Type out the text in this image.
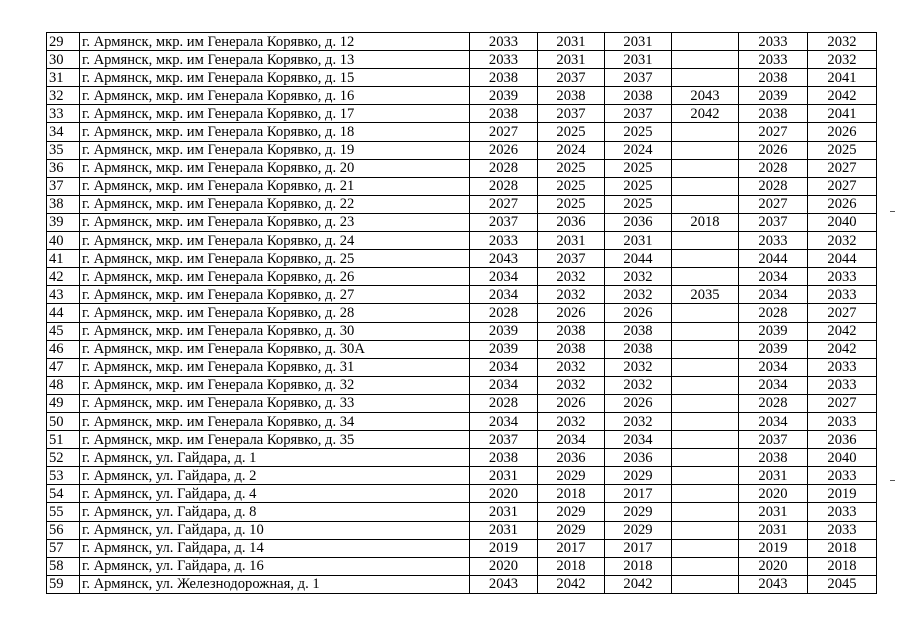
29	г. Армянск, мкр. им Генерала Корявко, д. 12	2033	2031	2031		2033	2032
30	г. Армянск, мкр. им Генерала Корявко, д. 13	2033	2031	2031		2033	2032
31	г. Армянск, мкр. им Генерала Корявко, д. 15	2038	2037	2037		2038	2041
32	г. Армянск, мкр. им Генерала Корявко, д. 16	2039	2038	2038	2043	2039	2042
33	г. Армянск, мкр. им Генерала Корявко, д. 17	2038	2037	2037	2042	2038	2041
34	г. Армянск, мкр. им Генерала Корявко, д. 18	2027	2025	2025		2027	2026
35	г. Армянск, мкр. им Генерала Корявко, д. 19	2026	2024	2024		2026	2025
36	г. Армянск, мкр. им Генерала Корявко, д. 20	2028	2025	2025		2028	2027
37	г. Армянск, мкр. им Генерала Корявко, д. 21	2028	2025	2025		2028	2027
38	г. Армянск, мкр. им Генерала Корявко, д. 22	2027	2025	2025		2027	2026
39	г. Армянск, мкр. им Генерала Корявко, д. 23	2037	2036	2036	2018	2037	2040
40	г. Армянск, мкр. им Генерала Корявко, д. 24	2033	2031	2031		2033	2032
41	г. Армянск, мкр. им Генерала Корявко, д. 25	2043	2037	2044		2044	2044
42	г. Армянск, мкр. им Генерала Корявко, д. 26	2034	2032	2032		2034	2033
43	г. Армянск, мкр. им Генерала Корявко, д. 27	2034	2032	2032	2035	2034	2033
44	г. Армянск, мкр. им Генерала Корявко, д. 28	2028	2026	2026		2028	2027
45	г. Армянск, мкр. им Генерала Корявко, д. 30	2039	2038	2038		2039	2042
46	г. Армянск, мкр. им Генерала Корявко, д. 30А	2039	2038	2038		2039	2042
47	г. Армянск, мкр. им Генерала Корявко, д. 31	2034	2032	2032		2034	2033
48	г. Армянск, мкр. им Генерала Корявко, д. 32	2034	2032	2032		2034	2033
49	г. Армянск, мкр. им Генерала Корявко, д. 33	2028	2026	2026		2028	2027
50	г. Армянск, мкр. им Генерала Корявко, д. 34	2034	2032	2032		2034	2033
51	г. Армянск, мкр. им Генерала Корявко, д. 35	2037	2034	2034		2037	2036
52	г. Армянск, ул. Гайдара, д. 1	2038	2036	2036		2038	2040
53	г. Армянск, ул. Гайдара, д. 2	2031	2029	2029		2031	2033
54	г. Армянск, ул. Гайдара, д. 4	2020	2018	2017		2020	2019
55	г. Армянск, ул. Гайдара, д. 8	2031	2029	2029		2031	2033
56	г. Армянск, ул. Гайдара, д. 10	2031	2029	2029		2031	2033
57	г. Армянск, ул. Гайдара, д. 14	2019	2017	2017		2019	2018
58	г. Армянск, ул. Гайдара, д. 16	2020	2018	2018		2020	2018
59	г. Армянск, ул. Железнодорожная, д. 1	2043	2042	2042		2043	2045
